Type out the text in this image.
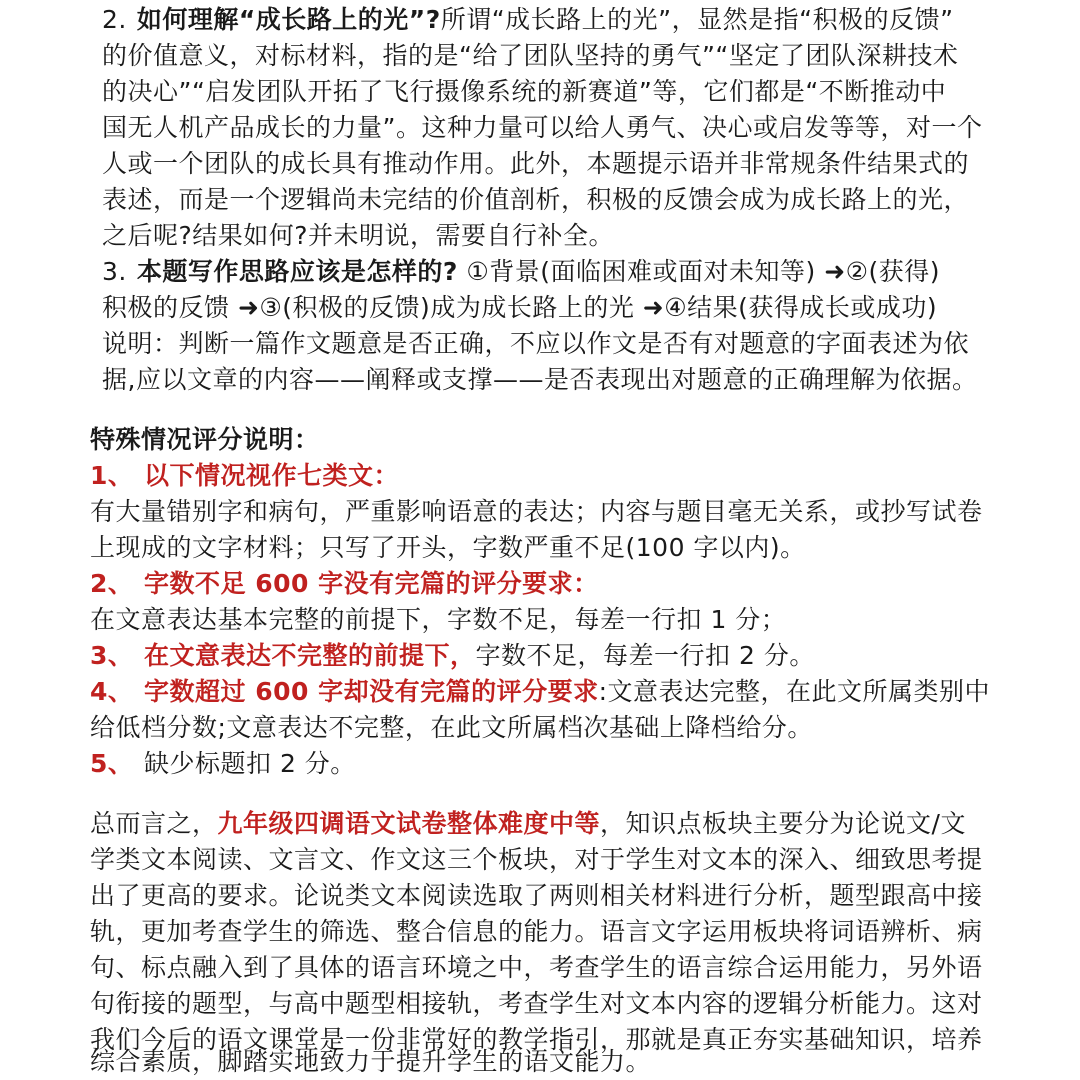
2. 如何理解“成长路上的光”?所谓“成长路上的光”，显然是指“积极的反馈”
的价值意义，对标材料，指的是“给了团队坚持的勇气”“坚定了团队深耕技术
的决心”“启发团队开拓了飞行摄像系统的新赛道”等，它们都是“不断推动中
国无人机产品成长的力量”。这种力量可以给人勇气、决心或启发等等，对一个
人或一个团队的成长具有推动作用。此外，本题提示语并非常规条件结果式的
表述，而是一个逻辑尚未完结的价值剖析，积极的反馈会成为成长路上的光，
之后呢?结果如何?并未明说，需要自行补全。
3. 本题写作思路应该是怎样的? ①背景(面临困难或面对未知等) ➜②(获得)
积极的反馈 ➜③(积极的反馈)成为成长路上的光 ➜④结果(获得成长或成功)
说明：判断一篇作文题意是否正确，不应以作文是否有对题意的字面表述为依
据,应以文章的内容——阐释或支撑——是否表现出对题意的正确理解为依据。
特殊情况评分说明：
1、 以下情况视作七类文：
有大量错别字和病句，严重影响语意的表达；内容与题目毫无关系，或抄写试卷
上现成的文字材料；只写了开头，字数严重不足(100 字以内)。
2、 字数不足 600 字没有完篇的评分要求：
在文意表达基本完整的前提下，字数不足，每差一行扣 1 分；
3、 在文意表达不完整的前提下，字数不足，每差一行扣 2 分。
4、 字数超过 600 字却没有完篇的评分要求:文意表达完整，在此文所属类别中
给低档分数;文意表达不完整，在此文所属档次基础上降档给分。
5、 缺少标题扣 2 分。
总而言之，九年级四调语文试卷整体难度中等，知识点板块主要分为论说文/文
学类文本阅读、文言文、作文这三个板块，对于学生对文本的深入、细致思考提
出了更高的要求。论说类文本阅读选取了两则相关材料进行分析，题型跟高中接
轨，更加考查学生的筛选、整合信息的能力。语言文字运用板块将词语辨析、病
句、标点融入到了具体的语言环境之中，考查学生的语言综合运用能力，另外语
句衔接的题型，与高中题型相接轨，考查学生对文本内容的逻辑分析能力。这对
我们今后的语文课堂是一份非常好的教学指引，那就是真正夯实基础知识，培养
综合素质，脚踏实地致力于提升学生的语文能力。
